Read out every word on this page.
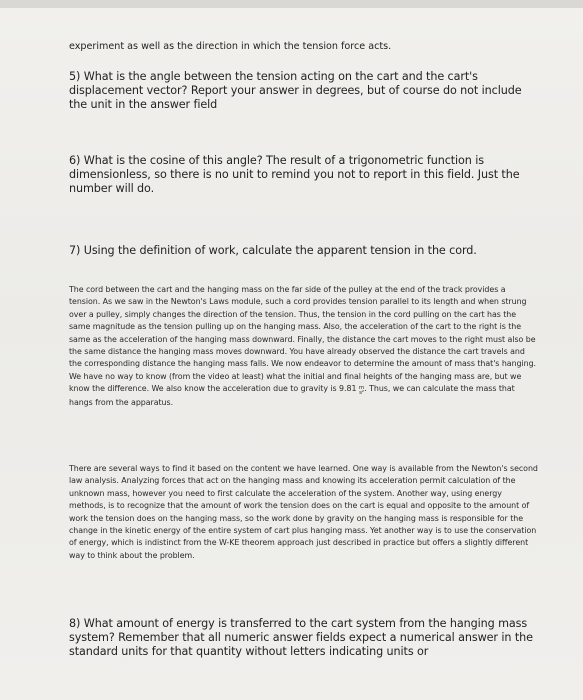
experiment as well as the direction in which the tension force acts.
5) What is the angle between the tension acting on the cart and the cart's displacement vector? Report your answer in degrees, but of course do not include the unit in the answer field
6) What is the cosine of this angle? The result of a trigonometric function is dimensionless, so there is no unit to remind you not to report in this field. Just the number will do.
7) Using the definition of work, calculate the apparent tension in the cord.
The cord between the cart and the hanging mass on the far side of the pulley at the end of the track provides a tension. As we saw in the Newton's Laws module, such a cord provides tension parallel to its length and when strung over a pulley, simply changes the direction of the tension. Thus, the tension in the cord pulling on the cart has the same magnitude as the tension pulling up on the hanging mass. Also, the acceleration of the cart to the right is the same as the acceleration of the hanging mass downward. Finally, the distance the cart moves to the right must also be the same distance the hanging mass moves downward. You have already observed the distance the cart travels and the corresponding distance the hanging mass falls. We now endeavor to determine the amount of mass that's hanging. We have no way to know (from the video at least) what the initial and final heights of the hanging mass are, but we know the difference. We also know the acceleration due to gravity is 9.81 m
s² . Thus, we can calculate the mass that hangs from the apparatus.
There are several ways to find it based on the content we have learned. One way is available from the Newton's second law analysis. Analyzing forces that act on the hanging mass and knowing its acceleration permit calculation of the unknown mass, however you need to first calculate the acceleration of the system. Another way, using energy methods, is to recognize that the amount of work the tension does on the cart is equal and opposite to the amount of work the tension does on the hanging mass, so the work done by gravity on the hanging mass is responsible for the change in the kinetic energy of the entire system of cart plus hanging mass. Yet another way is to use the conservation of energy, which is indistinct from the W-KE theorem approach just described in practice but offers a slightly different way to think about the problem.
8) What amount of energy is transferred to the cart system from the hanging mass system? Remember that all numeric answer fields expect a numerical answer in the standard units for that quantity without letters indicating units or
